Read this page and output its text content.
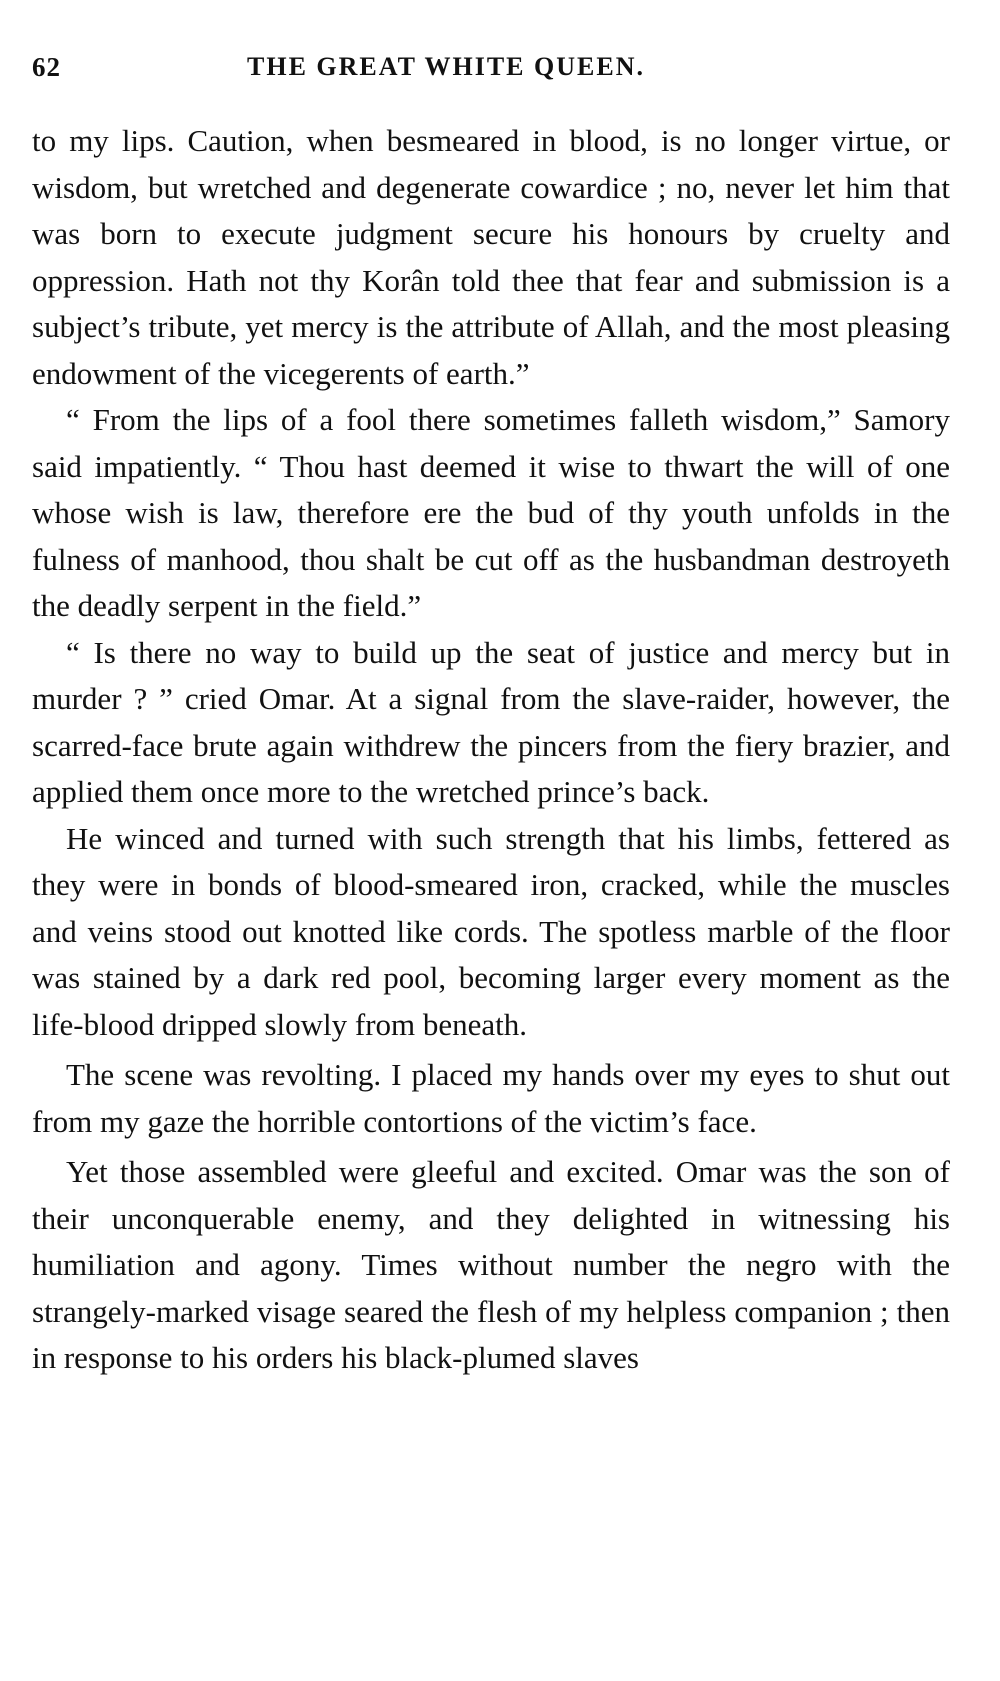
62	THE GREAT WHITE QUEEN.

to my lips. Caution, when besmeared in blood, is no longer virtue, or wisdom, but wretched and degenerate cowardice ; no, never let him that was born to execute judgment secure his honours by cruelty and oppression. Hath not thy Korân told thee that fear and submission is a subject’s tribute, yet mercy is the attribute of Allah, and the most pleasing endowment of the vicegerents of earth.”

“ From the lips of a fool there sometimes falleth wisdom,” Samory said impatiently. “ Thou hast deemed it wise to thwart the will of one whose wish is law, therefore ere the bud of thy youth unfolds in the fulness of manhood, thou shalt be cut off as the husbandman destroyeth the deadly serpent in the field.”

“ Is there no way to build up the seat of justice and mercy but in murder ? ” cried Omar. At a signal from the slave-raider, however, the scarred-face brute again withdrew the pincers from the fiery brazier, and applied them once more to the wretched prince’s back.

He winced and turned with such strength that his limbs, fettered as they were in bonds of blood-smeared iron, cracked, while the muscles and veins stood out knotted like cords. The spotless marble of the floor was stained by a dark red pool, becoming larger every moment as the life-blood dripped slowly from beneath.

The scene was revolting. I placed my hands over my eyes to shut out from my gaze the horrible contortions of the victim’s face.

Yet those assembled were gleeful and excited. Omar was the son of their unconquerable enemy, and they delighted in witnessing his humiliation and agony. Times without number the negro with the strangely-marked visage seared the flesh of my helpless companion ; then in response to his orders his black-plumed slaves
